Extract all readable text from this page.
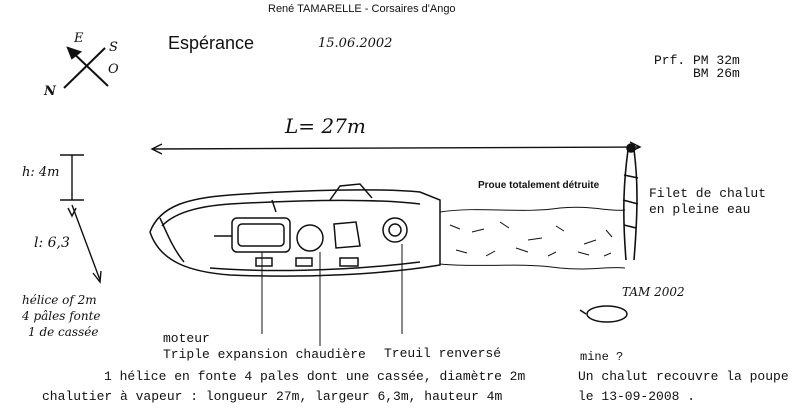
René TAMARELLE - Corsaires d'Ango
Espérance	15.06.2002
Prf. PM 32m
BM 26m
S
O
N
E
L= 27m
h: 4m
l: 6,3
Proue totalement détruite
Filet de chalut
en pleine eau
TAM 2002
hélice of 2m
4 pâles fonte
1 de cassée	moteur
Triple expansion chaudière Treuil renversé	mine ?
1 hélice en fonte 4 pales dont une cassée, diamètre 2m
chalutier à vapeur : longueur 27m, largeur 6,3m, hauteur 4m
Un chalut recouvre la poupe
le 13-09-2008 .
